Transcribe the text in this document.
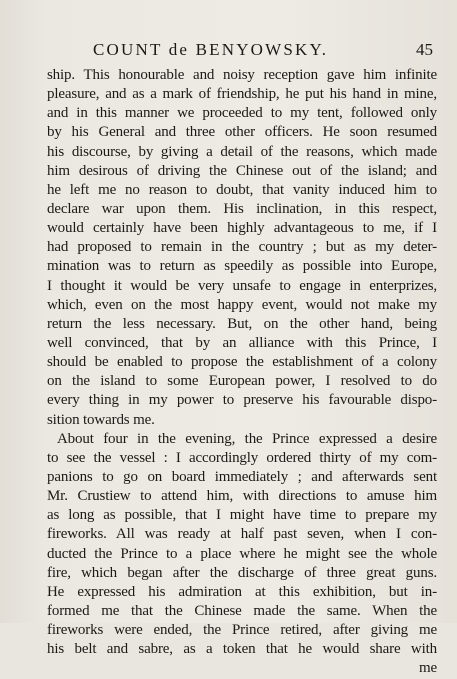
COUNT de BENYOWSKY.	45
ship. This honourable and noisy reception gave him infinite
pleasure, and as a mark of friendship, he put his hand in mine,
and in this manner we proceeded to my tent, followed only
by his General and three other officers. He soon resumed
his discourse, by giving a detail of the reasons, which made
him desirous of driving the Chinese out of the island; and
he left me no reason to doubt, that vanity induced him to
declare war upon them. His inclination, in this respect,
would certainly have been highly advantageous to me, if I
had proposed to remain in the country ; but as my deter-
mination was to return as speedily as possible into Europe,
I thought it would be very unsafe to engage in enterprizes,
which, even on the most happy event, would not make my
return the less necessary. But, on the other hand, being
well convinced, that by an alliance with this Prince, I
should be enabled to propose the establishment of a colony
on the island to some European power, I resolved to do
every thing in my power to preserve his favourable dispo-
sition towards me.
About four in the evening, the Prince expressed a desire
to see the vessel : I accordingly ordered thirty of my com-
panions to go on board immediately ; and afterwards sent
Mr. Crustiew to attend him, with directions to amuse him
as long as possible, that I might have time to prepare my
fireworks. All was ready at half past seven, when I con-
ducted the Prince to a place where he might see the whole
fire, which began after the discharge of three great guns.
He expressed his admiration at this exhibition, but in-
formed me that the Chinese made the same. When the
fireworks were ended, the Prince retired, after giving me
his belt and sabre, as a token that he would share with
me
